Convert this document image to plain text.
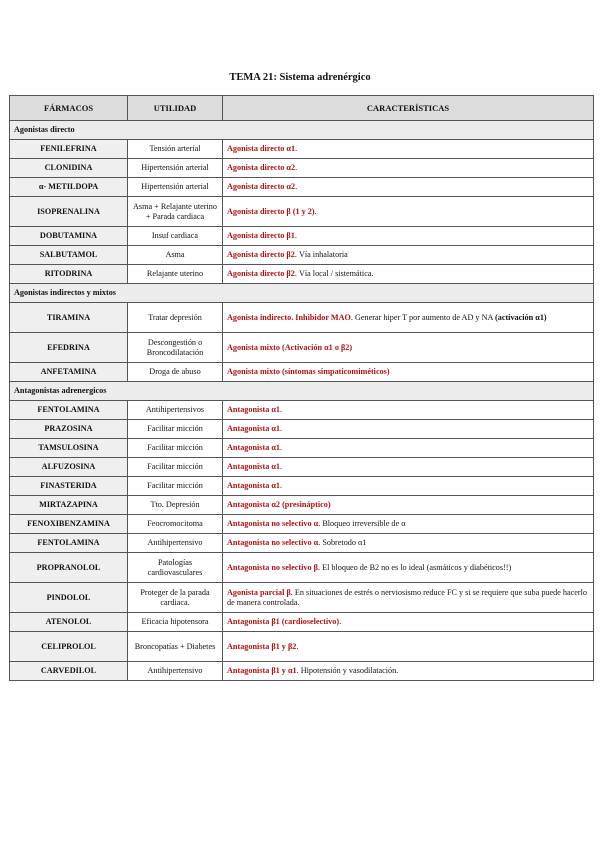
TEMA 21: Sistema adrenérgico
FÁRMACOS	UTILIDAD	CARACTERÍSTICAS
Agonistas directo		
FENILEFRINA	Tensión arterial	Agonista directo α1.
CLONIDINA	Hipertensión arterial	Agonista directo α2.
α- METILDOPA	Hipertensión arterial	Agonista directo α2.
ISOPRENALINA	Asma + Relajante uterino + Parada cardiaca	Agonista directo β (1 y 2).
DOBUTAMINA	Insuf cardiaca	Agonista directo β1.
SALBUTAMOL	Asma	Agonista directo β2. Vía inhalatoria
RITODRINA	Relajante uterino	Agonista directo β2. Vía local / sistemática.
Agonistas indirectos y mixtos		
TIRAMINA	Tratar depresión	Agonista indirecto. Inhibidor MAO. Generar hiper T por aumento de AD y NA (activación α1)
EFEDRINA	Descongestión o Broncodilatación	Agonista mixto (Activación α1 o β2)
ANFETAMINA	Droga de abuso	Agonista mixto (síntomas simpaticomiméticos)
Antagonistas adrenergicos		
FENTOLAMINA	Antihipertensivos	Antagonista α1.
PRAZOSINA	Facilitar micción	Antagonista α1.
TAMSULOSINA	Facilitar micción	Antagonista α1.
ALFUZOSINA	Facilitar micción	Antagonista α1.
FINASTERIDA	Facilitar micción	Antagonista α1.
MIRTAZAPINA	Tto. Depresión	Antagonista α2 (presináptico)
FENOXIBENZAMINA	Feocromocitoma	Antagonista no selectivo α. Bloqueo irreversible de α
FENTOLAMINA	Antihipertensivo	Antagonista no selectivo α. Sobretodo α1
PROPRANOLOL	Patologías cardiovasculares	Antagonista no selectivo β. El bloqueo de B2 no es lo ideal (asmáticos y diabéticos!!)
PINDOLOL	Proteger de la parada cardiaca.	Agonista parcial β. En situaciones de estrés o nerviosismo reduce FC y si se requiere que suba puede hacerlo de manera controlada.
ATENOLOL	Eficacia hipotensora	Antagonista β1 (cardioselectivo).
CELIPROLOL	Broncopatías + Diabetes	Antagonista β1 y β2.
CARVEDILOL	Antihipertensivo	Antagonista β1 y α1. Hipotensión y vasodilatación.
